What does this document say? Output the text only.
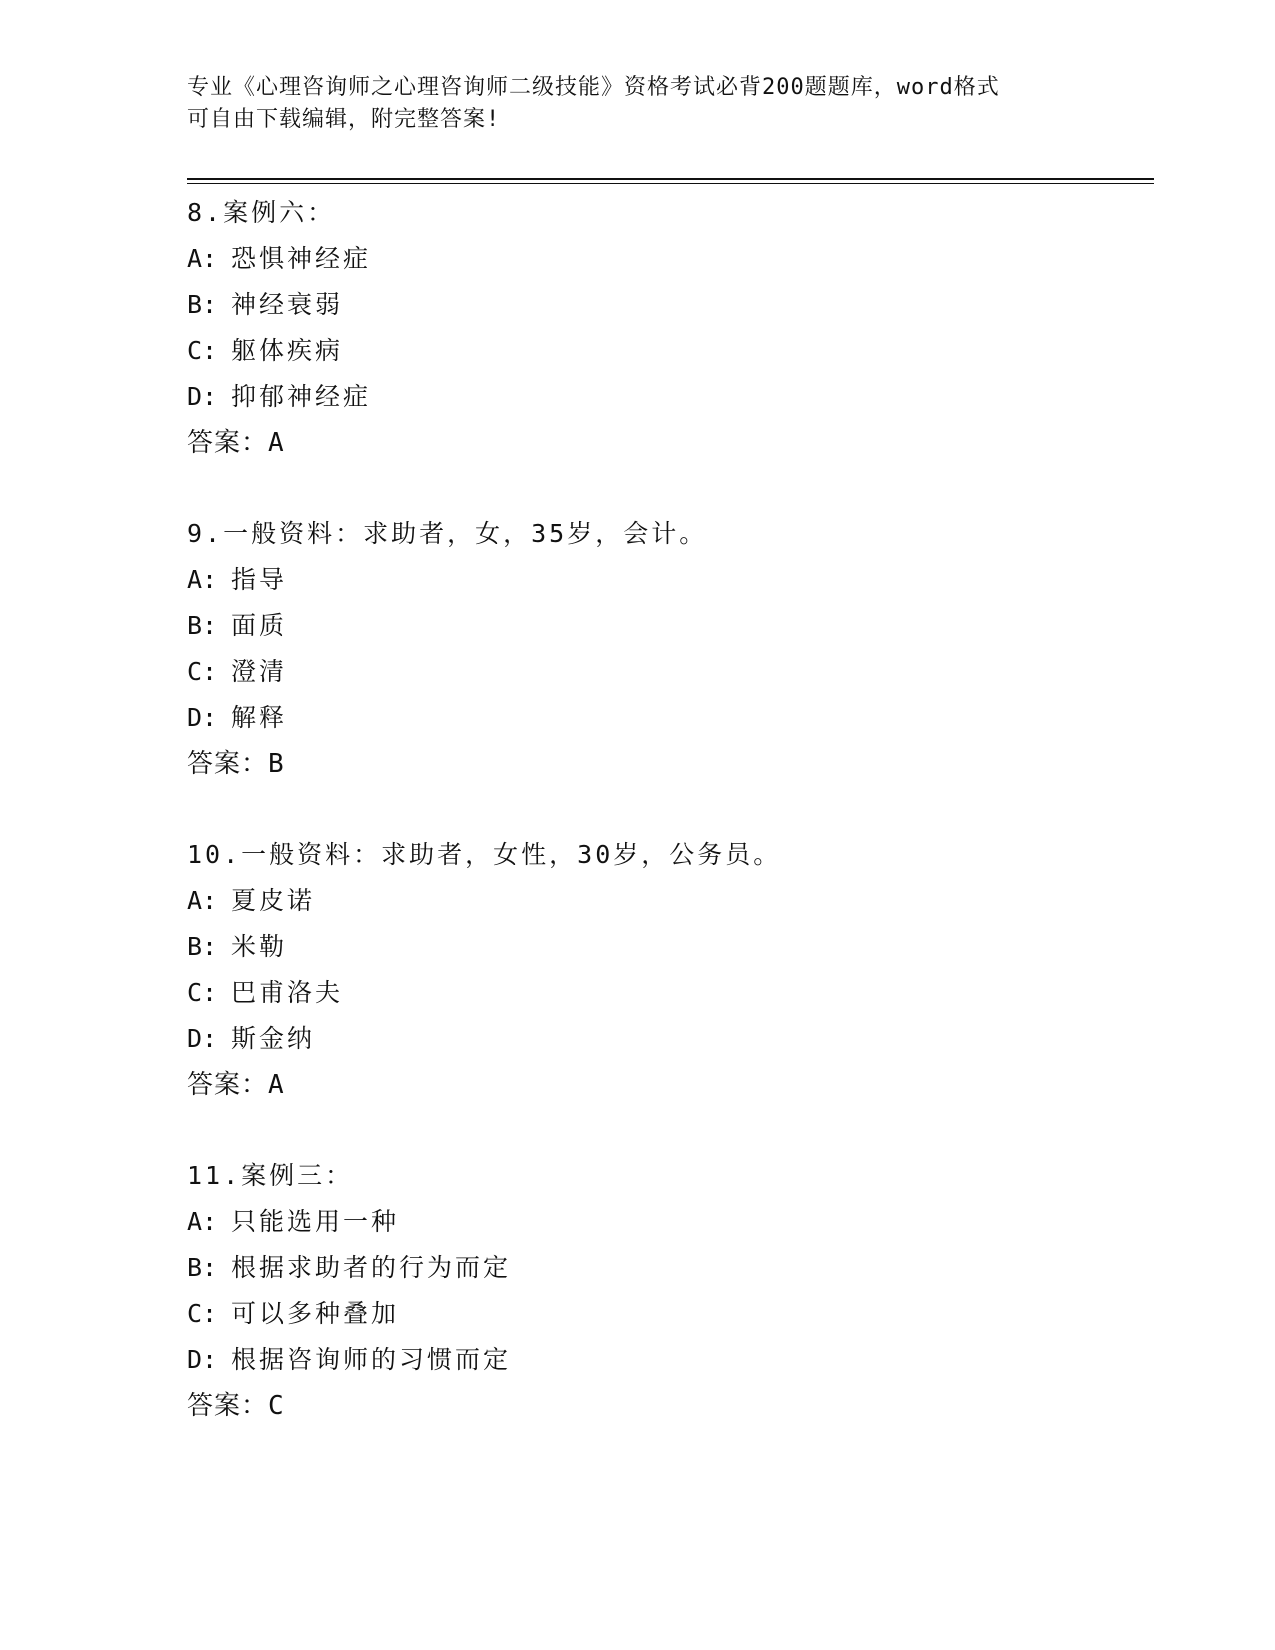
专业《心理咨询师之心理咨询师二级技能》资格考试必背200题题库，word格式
可自由下载编辑，附完整答案!
8.案例六：
A: 恐惧神经症
B: 神经衰弱
C: 躯体疾病
D: 抑郁神经症
答案：A
9.一般资料：求助者，女，35岁，会计。
A: 指导
B: 面质
C: 澄清
D: 解释
答案：B
10.一般资料：求助者，女性，30岁，公务员。
A: 夏皮诺
B: 米勒
C: 巴甫洛夫
D: 斯金纳
答案：A
11.案例三：
A: 只能选用一种
B: 根据求助者的行为而定
C: 可以多种叠加
D: 根据咨询师的习惯而定
答案：C
